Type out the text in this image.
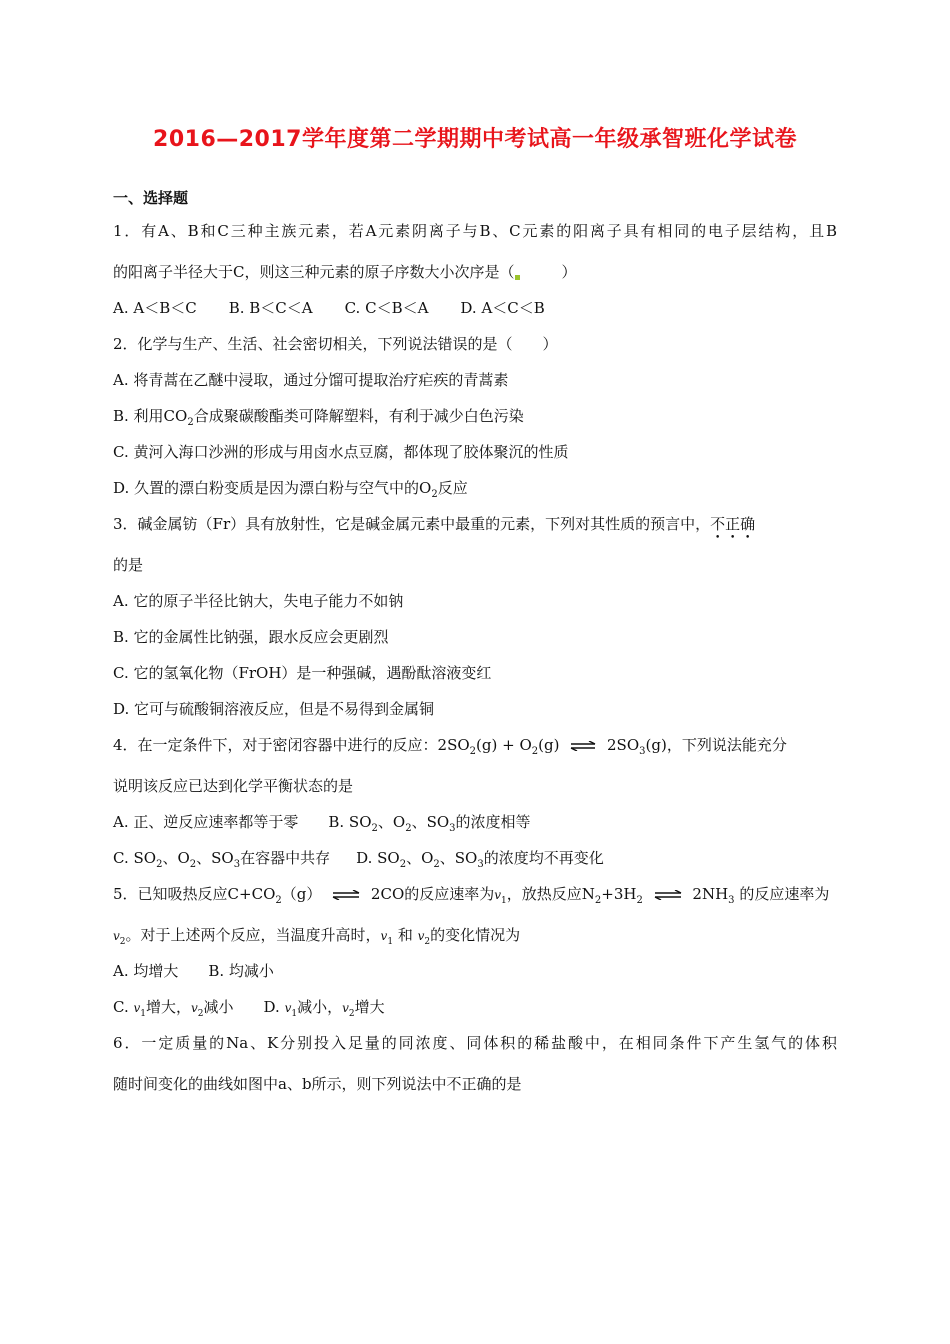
2016—2017学年度第二学期期中考试高一年级承智班化学试卷
一、选择题
1．有A、B和C三种主族元素，若A元素阴离子与B、C元素的阳离子具有相同的电子层结构，且B
的阳离子半径大于C，则这三种元素的原子序数大小次序是（	）
A. A＜B＜C B. B＜C＜A C. C＜B＜A D. A＜C＜B
2．化学与生产、生活、社会密切相关，下列说法错误的是（　　）
A. 将青蒿在乙醚中浸取，通过分馏可提取治疗疟疾的青蒿素
B. 利用$CO_2$合成聚碳酸酯类可降解塑料，有利于减少白色污染
C. 黄河入海口沙洲的形成与用卤水点豆腐，都体现了胶体聚沉的性质
D. 久置的漂白粉变质是因为漂白粉与空气中的$O_2$反应
3．碱金属钫（Fr）具有放射性，它是碱金属元素中最重的元素，下列对其性质的预言中，不正确
• • •
的是
A. 它的原子半径比钠大，失电子能力不如钠
B. 它的金属性比钠强，跟水反应会更剧烈
C. 它的氢氧化物（FrOH）是一种强碱，遇酚酞溶液变红
D. 它可与硫酸铜溶液反应，但是不易得到金属铜
4．在一定条件下，对于密闭容器中进行的反应：$2SO_2(g) + O_2(g)$ ⇌ $2SO_3(g)$，下列说法能充分
说明该反应已达到化学平衡状态的是
A. 正、逆反应速率都等于零 B. $SO_2$、$O_2$、$SO_3$的浓度相等
C. $SO_2$、$O_2$、$SO_3$在容器中共存 D. $SO_2$、$O_2$、$SO_3$的浓度均不再变化
5．已知吸热反应$C+CO_2(g)$ ⇌ 2CO的反应速率为$v_1$，放热反应$N_2+3H_2$ ⇌ $2NH_3$ 的反应速率为
$v_2$。对于上述两个反应，当温度升高时，$v_1$ 和 $v_2$的变化情况为
A. 均增大 B. 均减小
C. $v_1$增大，$v_2$减小 D. $v_1$减小，$v_2$增大
6．一定质量的Na、K分别投入足量的同浓度、同体积的稀盐酸中，在相同条件下产生氢气的体积
随时间变化的曲线如图中a、b所示，则下列说法中不正确的是
